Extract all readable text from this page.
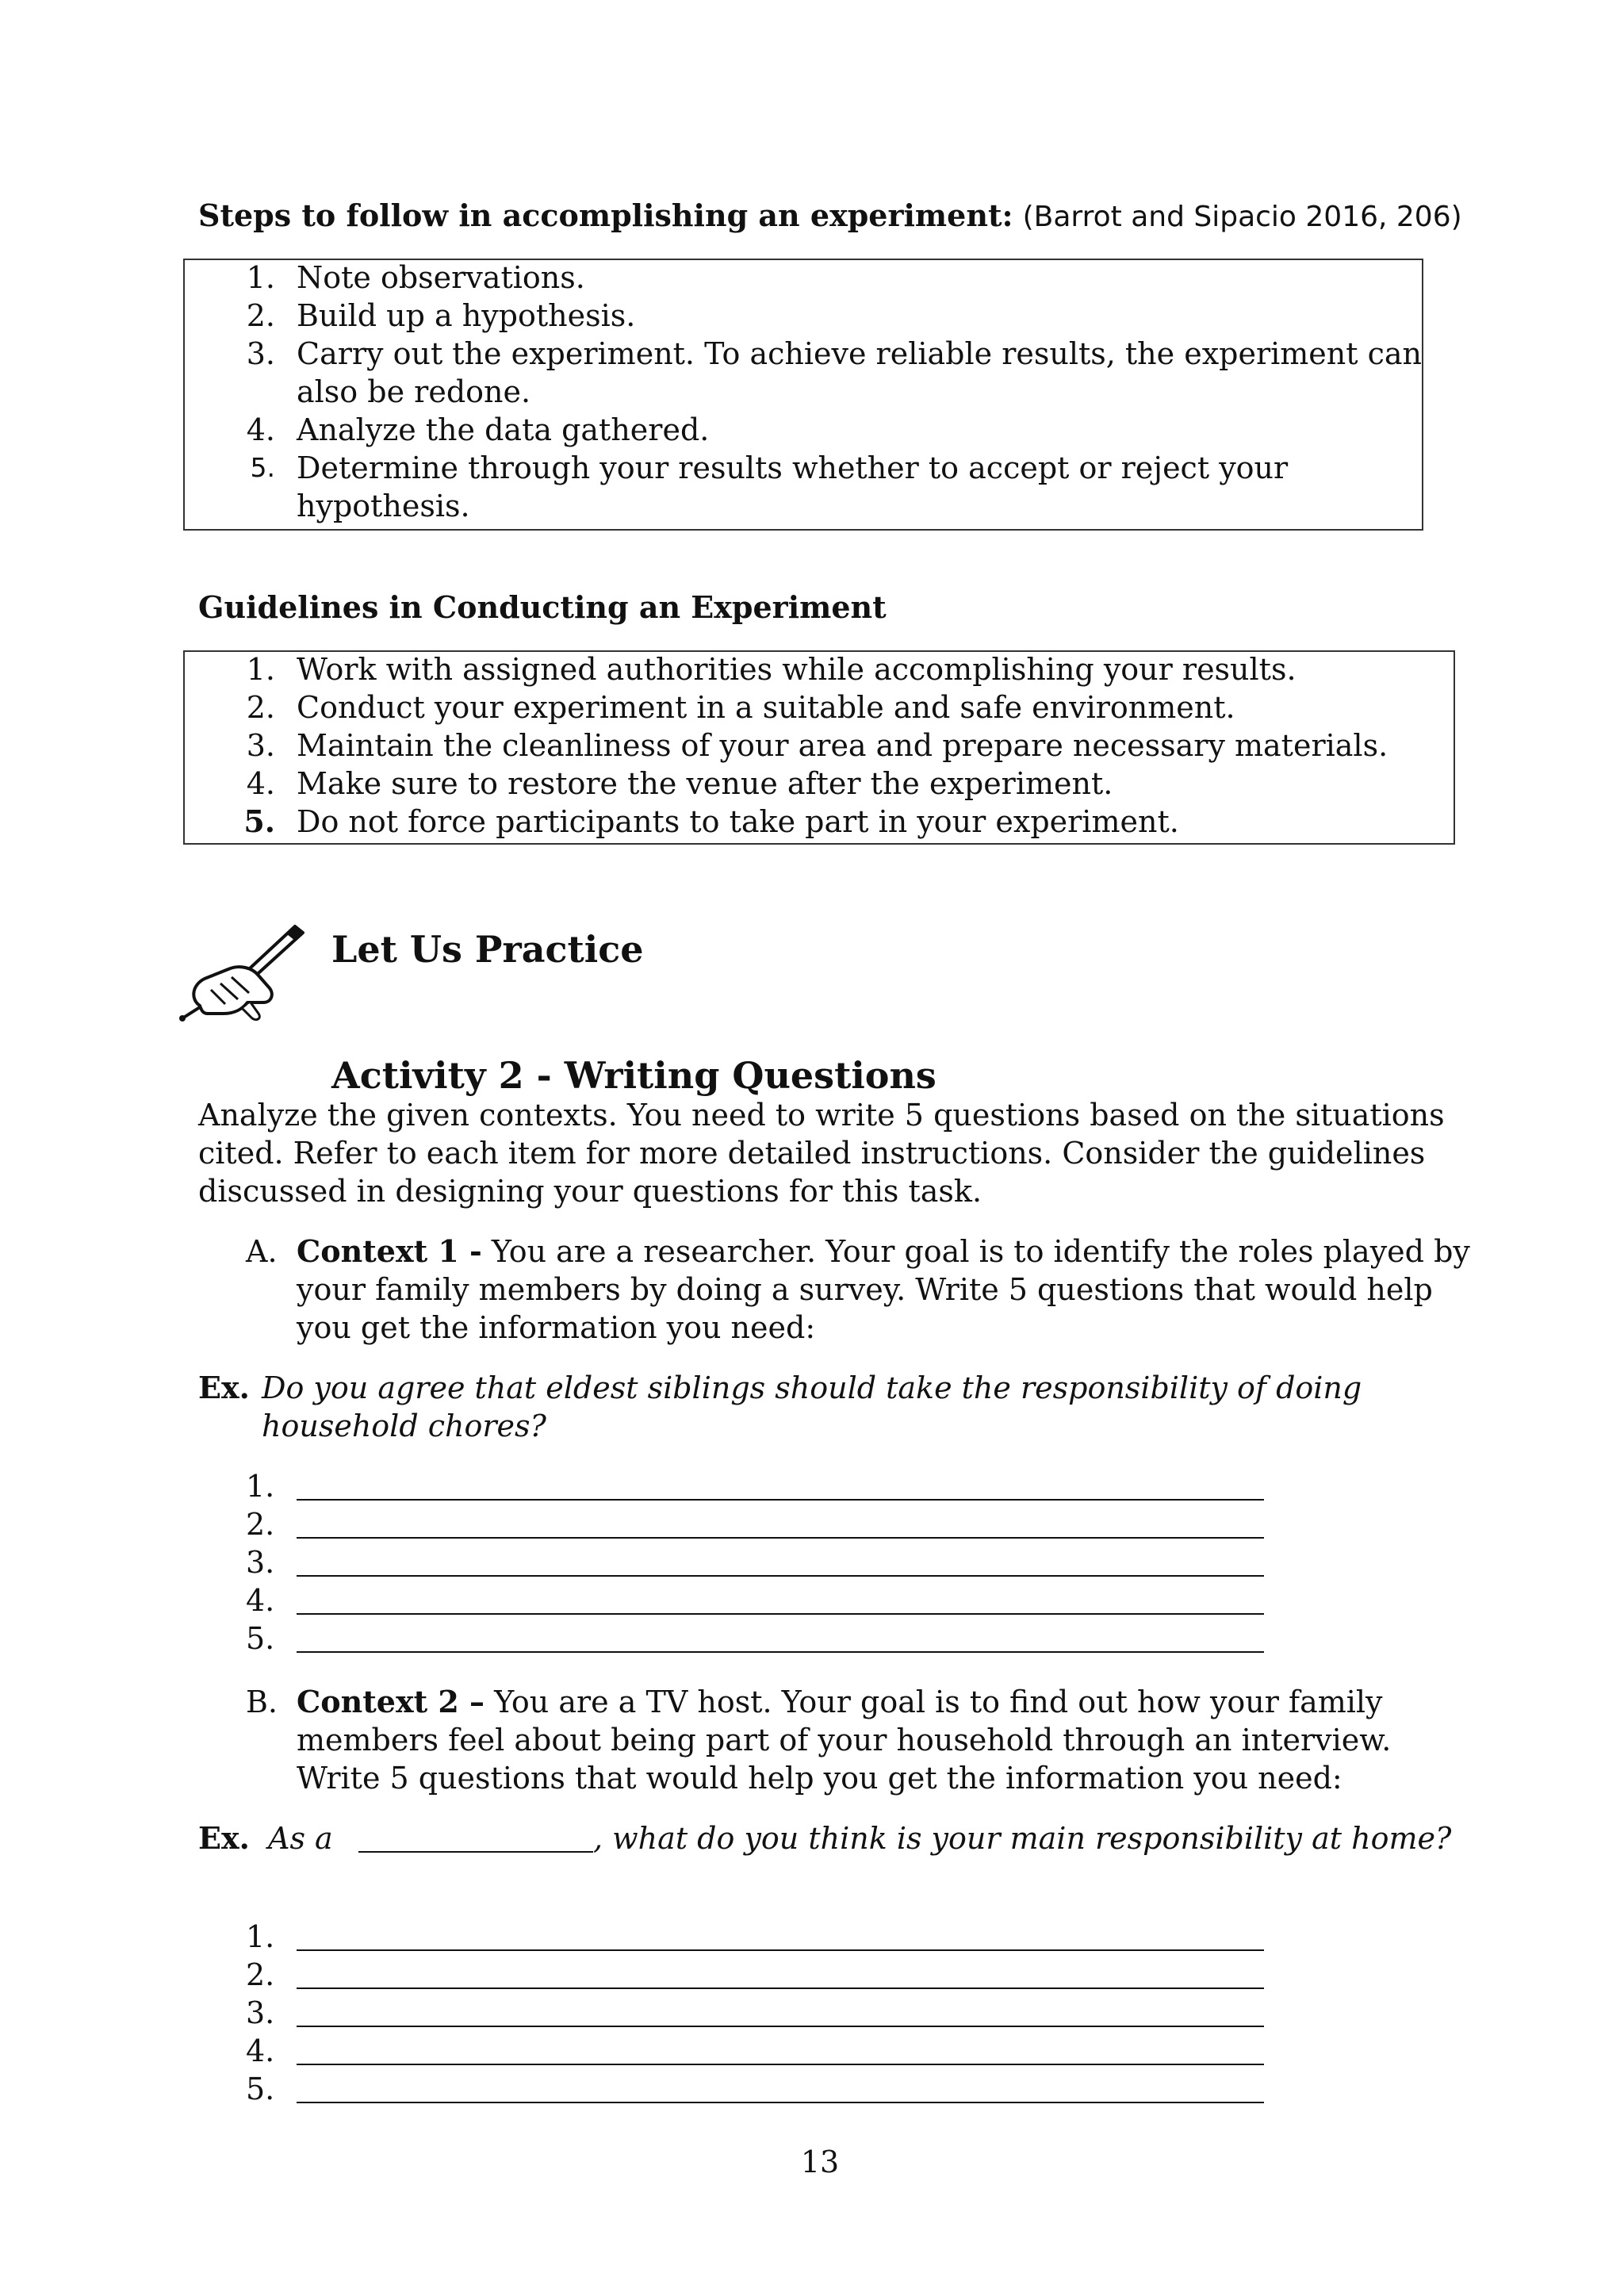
Steps to follow in accomplishing an experiment: (Barrot and Sipacio 2016, 206)
1. Note observations.
2. Build up a hypothesis.
3. Carry out the experiment. To achieve reliable results, the experiment can
also be redone.
4. Analyze the data gathered.
5. Determine through your results whether to accept or reject your
hypothesis.
Guidelines in Conducting an Experiment
1. Work with assigned authorities while accomplishing your results.
2. Conduct your experiment in a suitable and safe environment.
3. Maintain the cleanliness of your area and prepare necessary materials.
4. Make sure to restore the venue after the experiment.
5. Do not force participants to take part in your experiment.
Let Us Practice
Activity 2 - Writing Questions
Analyze the given contexts. You need to write 5 questions based on the situations
cited. Refer to each item for more detailed instructions. Consider the guidelines
discussed in designing your questions for this task.
A. Context 1 - You are a researcher. Your goal is to identify the roles played by
your family members by doing a survey. Write 5 questions that would help
you get the information you need:
Ex. Do you agree that eldest siblings should take the responsibility of doing
household chores?
1.
2.
3.
4.
5.
B. Context 2 – You are a TV host. Your goal is to find out how your family
members feel about being part of your household through an interview.
Write 5 questions that would help you get the information you need:
Ex. As a	, what do you think is your main responsibility at home?
1.
2.
3.
4.
5.
13
